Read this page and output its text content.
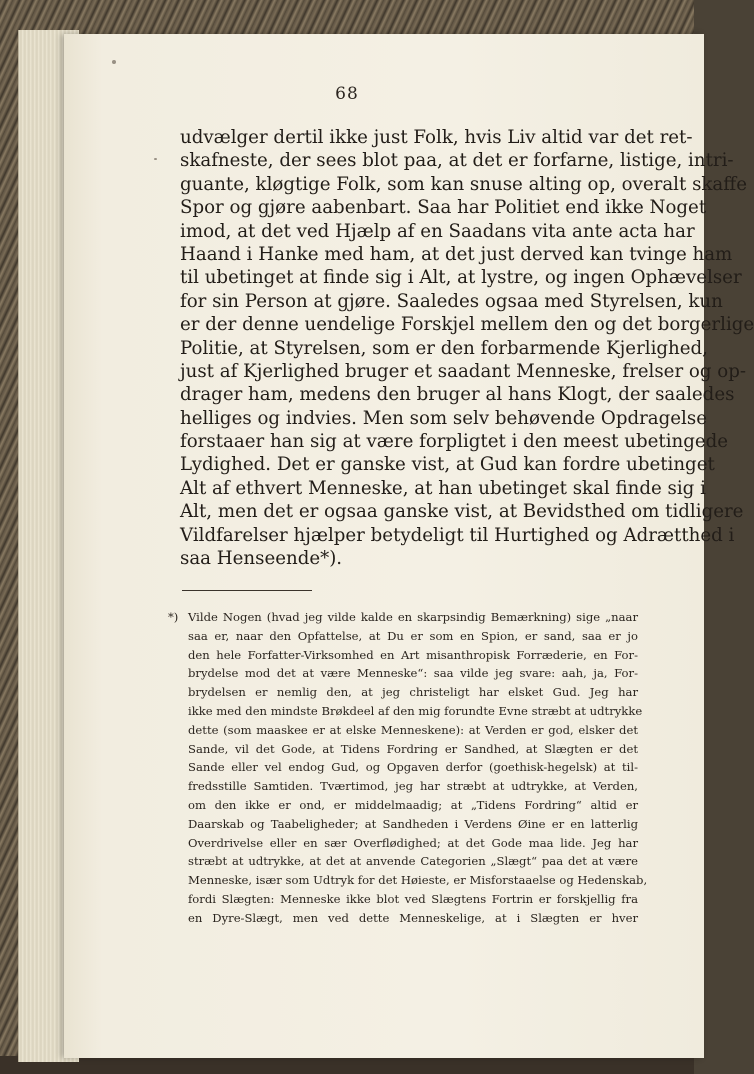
68
udvælger dertil ikke just Folk, hvis Liv altid var det ret-
skafneste, der sees blot paa, at det er forfarne, listige, intri-
guante, kløgtige Folk, som kan snuse alting op, overalt skaffe
Spor og gjøre aabenbart. Saa har Politiet end ikke Noget
imod, at det ved Hjælp af en Saadans vita ante acta har
Haand i Hanke med ham, at det just derved kan tvinge ham
til ubetinget at finde sig i Alt, at lystre, og ingen Ophævelser
for sin Person at gjøre. Saaledes ogsaa med Styrelsen, kun
er der denne uendelige Forskjel mellem den og det borgerlige
Politie, at Styrelsen, som er den forbarmende Kjerlighed,
just af Kjerlighed bruger et saadant Menneske, frelser og op-
drager ham, medens den bruger al hans Klogt, der saaledes
helliges og indvies. Men som selv behøvende Opdragelse
forstaaer han sig at være forpligtet i den meest ubetingede
Lydighed. Det er ganske vist, at Gud kan fordre ubetinget
Alt af ethvert Menneske, at han ubetinget skal finde sig i
Alt, men det er ogsaa ganske vist, at Bevidsthed om tidligere
Vildfarelser hjælper betydeligt til Hurtighed og Adrætthed i
saa Henseende*).
*) Vilde Nogen (hvad jeg vilde kalde en skarpsindig Bemærkning) sige „naar
saa er, naar den Opfattelse, at Du er som en Spion, er sand, saa er jo
den hele Forfatter-Virksomhed en Art misanthropisk Forræderie, en For-
brydelse mod det at være Menneske“: saa vilde jeg svare: aah, ja, For-
brydelsen er nemlig den, at jeg christeligt har elsket Gud. Jeg har
ikke med den mindste Brøkdeel af den mig forundte Evne stræbt at udtrykke
dette (som maaskee er at elske Menneskene): at Verden er god, elsker det
Sande, vil det Gode, at Tidens Fordring er Sandhed, at Slægten er det
Sande eller vel endog Gud, og Opgaven derfor (goethisk-hegelsk) at til-
fredsstille Samtiden. Tværtimod, jeg har stræbt at udtrykke, at Verden,
om den ikke er ond, er middelmaadig; at „Tidens Fordring“ altid er
Daarskab og Taabeligheder; at Sandheden i Verdens Øine er en latterlig
Overdrivelse eller en sær Overflødighed; at det Gode maa lide. Jeg har
stræbt at udtrykke, at det at anvende Categorien „Slægt“ paa det at være
Menneske, især som Udtryk for det Høieste, er Misforstaaelse og Hedenskab,
fordi Slægten: Menneske ikke blot ved Slægtens Fortrin er forskjellig fra
en Dyre-Slægt, men ved dette Menneskelige, at i Slægten er hver
